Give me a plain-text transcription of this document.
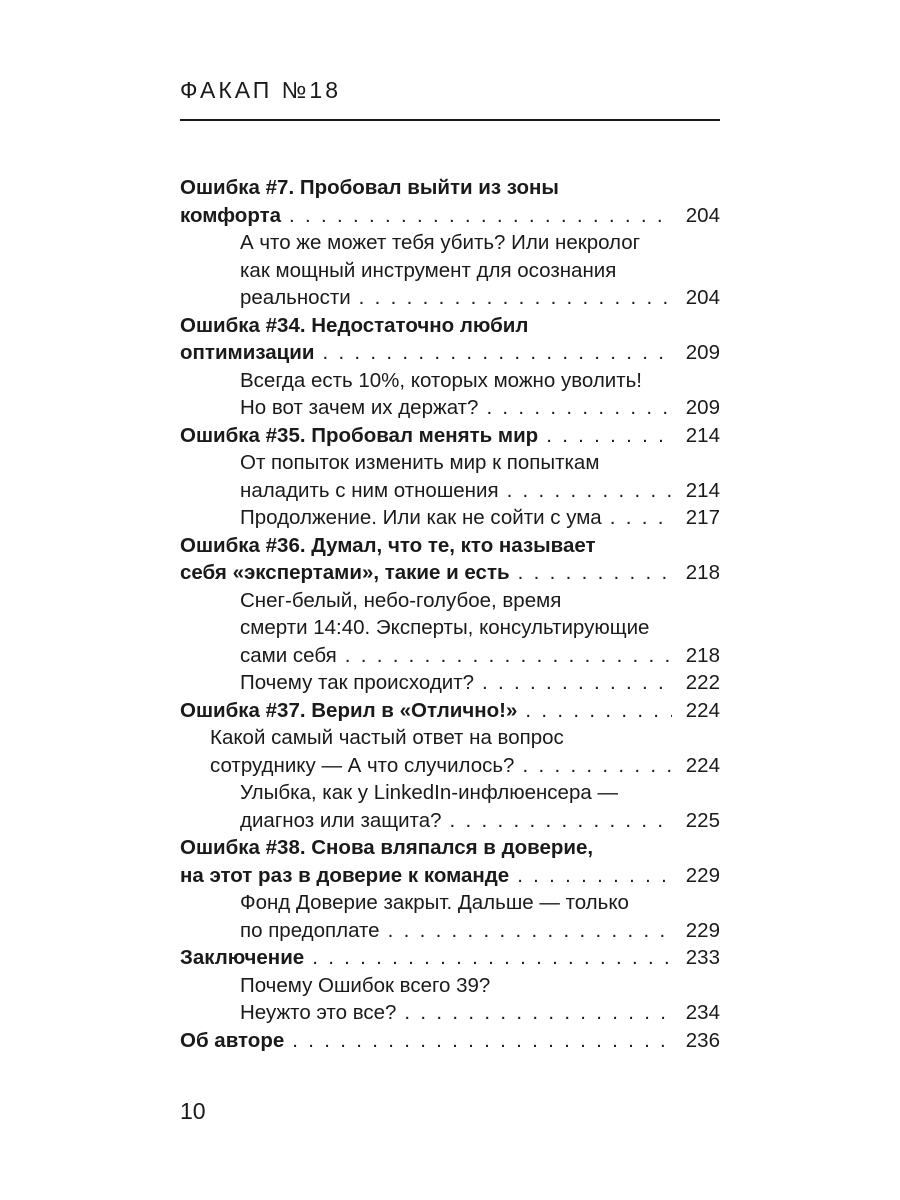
ФАКАП №18
Ошибка #7. Пробовал выйти из зоны
комфорта . . .	204
А что же может тебя убить? Или некролог
как мощный инструмент для осознания
реальности . . .	204
Ошибка #34. Недостаточно любил
оптимизации . . .	209
Всегда есть 10%, которых можно уволить!
Но вот зачем их держат? . . .	209
Ошибка #35. Пробовал менять мир . . .	214
От попыток изменить мир к попыткам
наладить с ним отношения . . .	214
Продолжение. Или как не сойти с ума . . .	217
Ошибка #36. Думал, что те, кто называет
себя «экспертами», такие и есть . . .	218
Снег-белый, небо-голубое, время
смерти 14:40. Эксперты, консультирующие
сами себя . . .	218
Почему так происходит? . . .	222
Ошибка #37. Верил в «Отлично!» . . .	224
Какой самый частый ответ на вопрос
сотруднику — А что случилось? . . .	224
Улыбка, как у LinkedIn-инфлюенсера —
диагноз или защита? . . .	225
Ошибка #38. Снова вляпался в доверие,
на этот раз в доверие к команде . . .	229
Фонд Доверие закрыт. Дальше — только
по предоплате . . .	229
Заключение . . .	233
Почему Ошибок всего 39?
Неужто это все? . . .	234
Об авторе . . .	236
10
